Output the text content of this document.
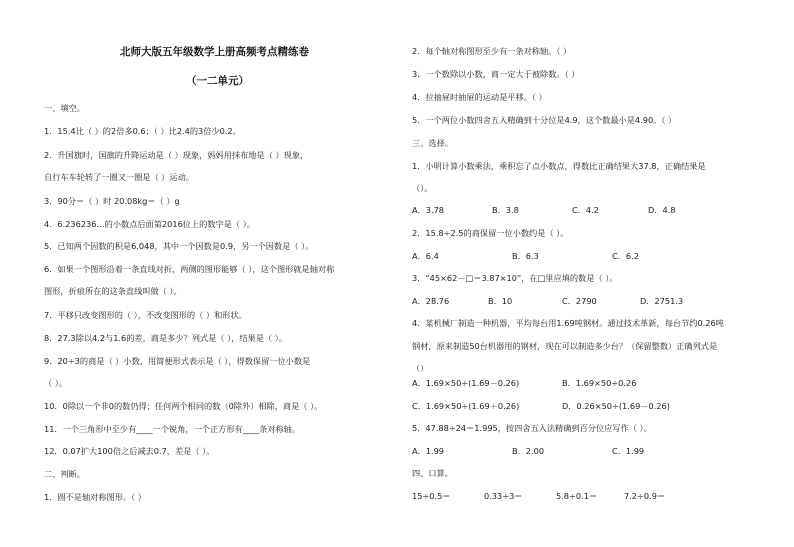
北师大版五年级数学上册高频考点精练卷
（一二单元）
一、填空。
1．15.4比（ ）的2倍多0.6；（ ）比2.4的3倍少0.2。
2．升国旗时，国旗的升降运动是（ ）现象，妈妈用抹布地是（ ）现象，
自行车车轮转了一圈又一圈是（ ）运动。
3．90分＝（ ）时 20.08kg＝（ ）g
4．6.236236…的小数点后面第2016位上的数字是（ ）。
5．已知两个因数的积是6.048，其中一个因数是0.9，另一个因数是（ ）。
6．如果一个图形沿着一条直线对折，两侧的图形能够（ ），这个图形就是轴对称
图形，折痕所在的这条直线叫做（ ）。
7．平移只改变图形的（ ），不改变图形的（ ）和形状。
8．27.3除以4.2与1.6的差，商是多少？列式是（ ），结果是（ ）。
9．20÷3的商是（ ）小数，用简便形式表示是（ ），得数保留一位小数是
（ ）。
10．0除以一个非0的数仍得；任何两个相同的数（0除外）相除，商是（ ）。
11．一个三角形中至少有____一个锐角，一个正方形有____条对称轴。
12．0.07扩大100倍之后减去0.7，差是（ ）。
二、判断。
1．圆不是轴对称图形。（ ）
2．每个轴对称图形至少有一条对称轴。（ ）
3．一个数除以小数，商一定大于被除数。（ ）
4．拉抽屉时抽屉的运动是平移。（ ）
5．一个两位小数四舍五入精确到十分位是4.9，这个数最小是4.90。（ ）
三、选择。
1．小明计算小数乘法，乘积忘了点小数点，得数比正确结果大37.8，正确结果是
（）。
A．3.78	B．3.8	C．4.2	D．4.8
2．15.8÷2.5的商保留一位小数约是（ ）。
A．6.4	B．6.3	C．6.2
3．“45×62－□＝3.87×10”，在□里应填的数是（ ）。
A．28.76	B．10	C．2790	D．2751.3
4．某机械厂制造一种机器，平均每台用1.69吨钢材。通过技术革新，每台节约0.26吨
钢材，原来制造50台机器用的钢材，现在可以制造多少台？（保留整数）正确列式是
（）
A．1.69×50÷(1.69－0.26)	B．1.69×50÷0.26
C．1.69×50÷(1.69＋0.26)	D．0.26×50÷(1.69－0.26)
5．47.88÷24＝1.995，按四舍五入法精确到百分位应写作（ ）。
A．1.99	B．2.00	C．1.99
四、口算。
15÷0.5＝	0.33÷3＝	5.8÷0.1＝	7.2÷0.9＝
